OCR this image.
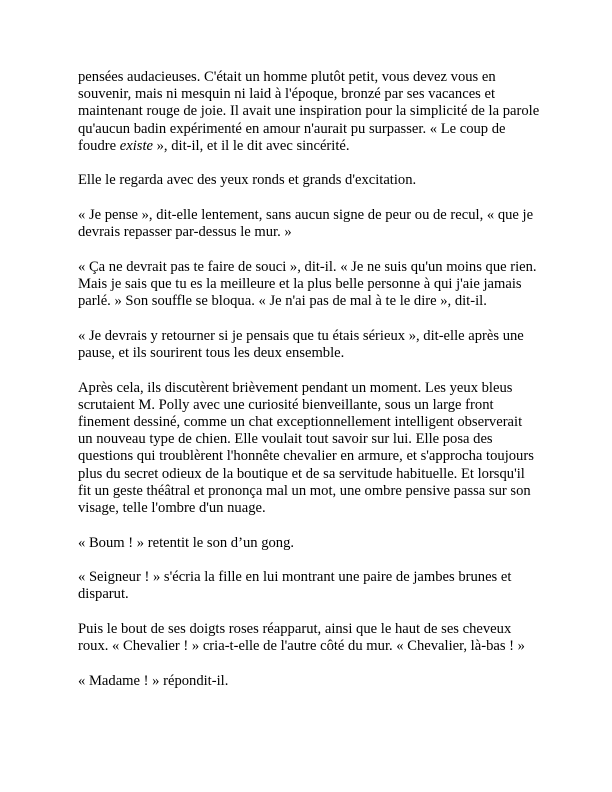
pensées audacieuses. C'était un homme plutôt petit, vous devez vous en souvenir, mais ni mesquin ni laid à l'époque, bronzé par ses vacances et maintenant rouge de joie. Il avait une inspiration pour la simplicité de la parole qu'aucun badin expérimenté en amour n'aurait pu surpasser. « Le coup de foudre existe », dit-il, et il le dit avec sincérité.

Elle le regarda avec des yeux ronds et grands d'excitation.

« Je pense », dit-elle lentement, sans aucun signe de peur ou de recul, « que je devrais repasser par-dessus le mur. »

« Ça ne devrait pas te faire de souci », dit-il. « Je ne suis qu'un moins que rien. Mais je sais que tu es la meilleure et la plus belle personne à qui j'aie jamais parlé. » Son souffle se bloqua. « Je n'ai pas de mal à te le dire », dit-il.

« Je devrais y retourner si je pensais que tu étais sérieux », dit-elle après une pause, et ils sourirent tous les deux ensemble.

Après cela, ils discutèrent brièvement pendant un moment. Les yeux bleus scrutaient M. Polly avec une curiosité bienveillante, sous un large front finement dessiné, comme un chat exceptionnellement intelligent observerait un nouveau type de chien. Elle voulait tout savoir sur lui. Elle posa des questions qui troublèrent l'honnête chevalier en armure, et s'approcha toujours plus du secret odieux de la boutique et de sa servitude habituelle. Et lorsqu'il fit un geste théâtral et prononça mal un mot, une ombre pensive passa sur son visage, telle l'ombre d'un nuage.

« Boum ! » retentit le son d’un gong.

« Seigneur ! » s'écria la fille en lui montrant une paire de jambes brunes et disparut.

Puis le bout de ses doigts roses réapparut, ainsi que le haut de ses cheveux roux. « Chevalier ! » cria-t-elle de l'autre côté du mur. « Chevalier, là-bas ! »

« Madame ! » répondit-il.
